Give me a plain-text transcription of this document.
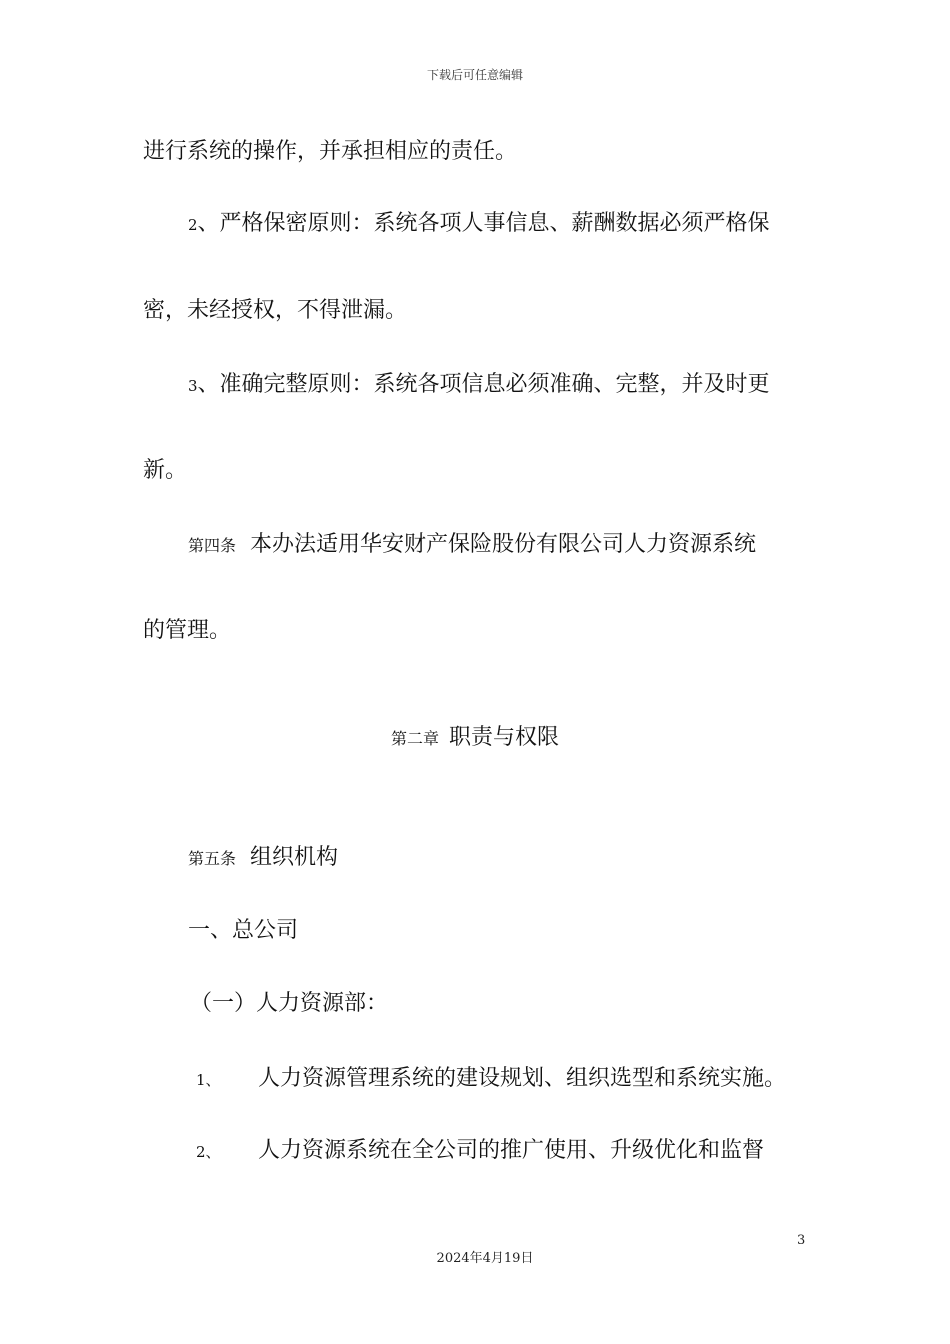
下载后可任意编辑
进行系统的操作，并承担相应的责任。
2、严格保密原则：系统各项人事信息、薪酬数据必须严格保
密，未经授权，不得泄漏。
3、准确完整原则：系统各项信息必须准确、完整，并及时更
新。
第四条 本办法适用华安财产保险股份有限公司人力资源系统
的管理。
第二章 职责与权限
第五条 组织机构
一、总公司
（一）人力资源部：
1、 人力资源管理系统的建设规划、组织选型和系统实施。
2、 人力资源系统在全公司的推广使用、升级优化和监督
3
2024年4月19日
